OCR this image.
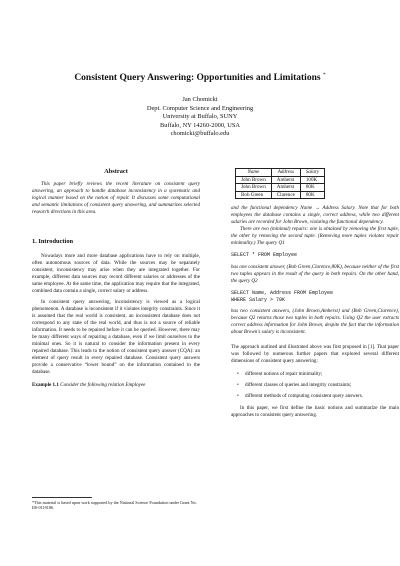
Consistent Query Answering: Opportunities and Limitations *
Jan Chomicki
Dept. Computer Science and Engineering
University at Buffalo, SUNY
Buffalo, NY 14260-2000, USA
chomicki@buffalo.edu
Abstract

This paper briefly reviews the recent literature on consistent query answering, an approach to handle database inconsistency in a systematic and logical manner based on the notion of repair. It discusses some computational and semantic limitations of consistent query answering, and summarizes selected research directions in this area.

1. Introduction

Nowadays more and more database applications have to rely on multiple, often autonomous sources of data. While the sources may be separately consistent, inconsistency may arise when they are integrated together. For example, different data sources may record different salaries or addresses of the same employee. At the same time, the application may require that the integrated, combined data contain a single, correct salary or address.

In consistent query answering, inconsistency is viewed as a logical phenomenon. A database is inconsistent if it violates integrity constraints. Since it is assumed that the real world is consistent, an inconsistent database does not correspond to any state of the real world, and thus is not a source of reliable information. It needs to be repaired before it can be queried. However, there may be many different ways of repairing a database, even if we limit ourselves to the minimal ones. So it is natural to consider the information present in every repaired database. This leads to the notion of consistent query answer (CQA): an element of query result in every repaired database. Consistent query answers provide a conservative “lower bound” on the information contained in the database.

Example 1.1 Consider the following relation Employee
*This material is based upon work supported by the National Science Foundation under Grant No. IIS-0119186.
Name	Address	Salary
John Brown	Amherst	100K
John Brown	Amherst	80K
Bob Green	Clarence	80K

and the functional dependency Name → Address Salary. Note that for both employees the database contains a single, correct address, while two different salaries are recorded for John Brown, violating the functional dependency.

There are two (minimal) repairs: one is obtained by removing the first tuple, the other by removing the second tuple. (Removing more tuples violates repair minimality.) The query Q1

SELECT * FROM Employee

has one consistent answer, (Bob Green,Clarence,80K), because neither of the first two tuples appears in the result of the query in both repairs. On the other hand, the query Q2

SELECT Name, Address FROM Employee
WHERE Salary > 70K

has two consistent answers, (John Brown,Amherst) and (Bob Green,Clarence), because Q2 returns those two tuples in both repairs. Using Q2 the user extracts correct address information for John Brown, despite the fact that the information about Brown's salary is inconsistent.

The approach outlined and illustrated above was first proposed in [1]. That paper was followed by numerous further papers that explored several different dimensions of consistent query answering:

• different notions of repair minimality;
• different classes of queries and integrity constraints;
• different methods of computing consistent query answers.

In this paper, we first define the basic notions and summarize the main approaches to consistent query answering.
